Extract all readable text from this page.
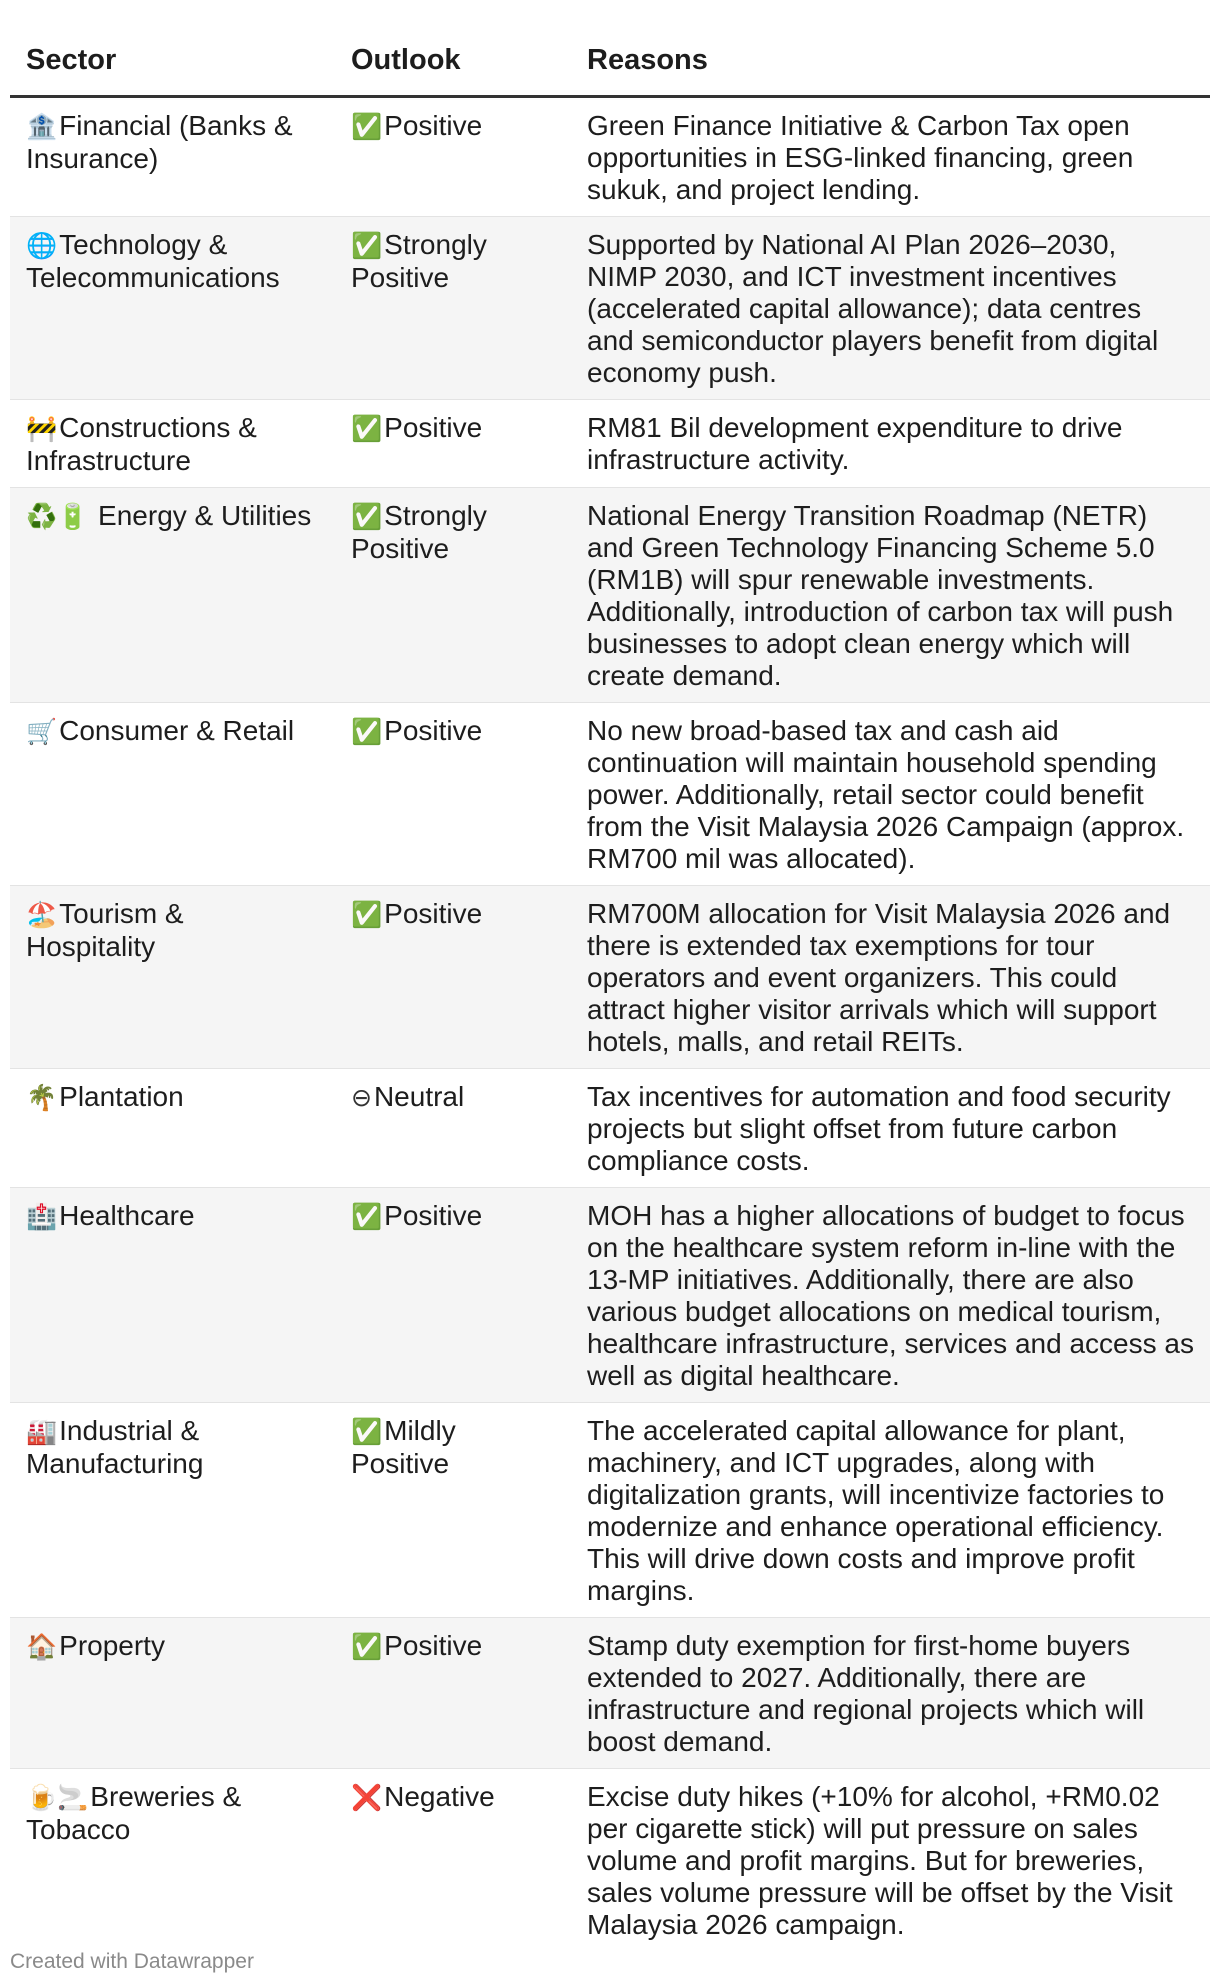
Sector	Outlook	Reasons
🏦Financial (Banks & Insurance)	✅Positive	Green Finance Initiative & Carbon Tax open opportunities in ESG-linked financing, green sukuk, and project lending.
🌐Technology & Telecommunications	✅Strongly Positive	Supported by National AI Plan 2026–2030, NIMP 2030, and ICT investment incentives (accelerated capital allowance); data centres and semiconductor players benefit from digital economy push.
🚧Constructions & Infrastructure	✅Positive	RM81 Bil development expenditure to drive infrastructure activity.
♻️🔋 Energy & Utilities	✅Strongly Positive	National Energy Transition Roadmap (NETR) and Green Technology Financing Scheme 5.0 (RM1B) will spur renewable investments. Additionally, introduction of carbon tax will push businesses to adopt clean energy which will create demand.
🛒Consumer & Retail	✅Positive	No new broad-based tax and cash aid continuation will maintain household spending power. Additionally, retail sector could benefit from the Visit Malaysia 2026 Campaign (approx. RM700 mil was allocated).
🏖️Tourism & Hospitality	✅Positive	RM700M allocation for Visit Malaysia 2026 and there is extended tax exemptions for tour operators and event organizers. This could attract higher visitor arrivals which will support hotels, malls, and retail REITs.
🌴Plantation	⊖Neutral	Tax incentives for automation and food security projects but slight offset from future carbon compliance costs.
🏥Healthcare	✅Positive	MOH has a higher allocations of budget to focus on the healthcare system reform in-line with the 13-MP initiatives. Additionally, there are also various budget allocations on medical tourism, healthcare infrastructure, services and access as well as digital healthcare.
🏭Industrial & Manufacturing	✅Mildly Positive	The accelerated capital allowance for plant, machinery, and ICT upgrades, along with digitalization grants, will incentivize factories to modernize and enhance operational efficiency. This will drive down costs and improve profit margins.
🏠Property	✅Positive	Stamp duty exemption for first-home buyers extended to 2027. Additionally, there are infrastructure and regional projects which will boost demand.
🍺🚬Breweries & Tobacco	❌Negative	Excise duty hikes (+10% for alcohol, +RM0.02 per cigarette stick) will put pressure on sales volume and profit margins. But for breweries, sales volume pressure will be offset by the Visit Malaysia 2026 campaign.
Created with Datawrapper
